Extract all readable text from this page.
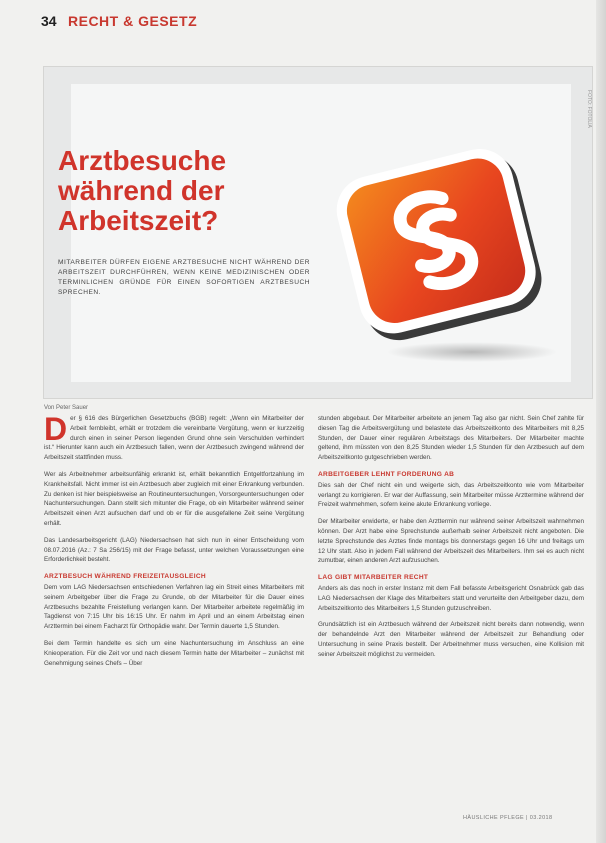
34 RECHT & GESETZ
FOTO: FOTOLIA
Arztbesuche während der Arbeitszeit?
MITARBEITER DÜRFEN EIGENE ARZTBESUCHE NICHT WÄHREND DER ARBEITSZEIT DURCHFÜHREN, WENN KEINE MEDIZINISCHEN ODER TERMINLICHEN GRÜNDE FÜR EINEN SOFORTIGEN ARZTBESUCH SPRECHEN.
Von Peter Sauer

Der § 616 des Bürgerlichen Gesetzbuchs (BGB) regelt: „Wenn ein Mitarbeiter der Arbeit fernbleibt, erhält er trotzdem die vereinbarte Vergütung, wenn er kurzzeitig durch einen in seiner Person liegenden Grund ohne sein Verschulden verhindert ist.“ Hierunter kann auch ein Arztbesuch fallen, wenn der Arztbesuch zwingend während der Arbeitszeit stattfinden muss.

Wer als Arbeitnehmer arbeitsunfähig erkrankt ist, erhält bekanntlich Entgeltfortzahlung im Krankheitsfall. Nicht immer ist ein Arztbesuch aber zugleich mit einer Erkrankung verbunden. Zu denken ist hier beispielsweise an Routineuntersuchungen, Vorsorgeuntersuchungen oder Nachuntersuchungen. Dann stellt sich mitunter die Frage, ob ein Mitarbeiter während seiner Arbeitszeit einen Arzt aufsuchen darf und ob er für die ausgefallene Zeit seine Vergütung erhält.

Das Landesarbeitsgericht (LAG) Niedersachsen hat sich nun in einer Entscheidung vom 08.07.2016 (Az.: 7 Sa 256/15) mit der Frage befasst, unter welchen Voraussetzungen eine Erforderlichkeit besteht.

ARZTBESUCH WÄHREND FREIZEITAUSGLEICH

Dem vom LAG Niedersachsen entschiedenen Verfahren lag ein Streit eines Mitarbeiters mit seinem Arbeitgeber über die Frage zu Grunde, ob der Mitarbeiter für die Dauer eines Arztbesuchs bezahlte Freistellung verlangen kann. Der Mitarbeiter arbeitete regelmäßig im Tagdienst von 7:15 Uhr bis 16:15 Uhr. Er nahm im April und an einem Arbeitstag einen Arzttermin bei einem Facharzt für Orthopädie wahr. Der Termin dauerte 1,5 Stunden.

Bei dem Termin handelte es sich um eine Nachuntersuchung im Anschluss an eine Knieoperation. Für die Zeit vor und nach diesem Termin hatte der Mitarbeiter – zunächst mit Genehmigung seines Chefs – Über

stunden abgebaut. Der Mitarbeiter arbeitete an jenem Tag also gar nicht. Sein Chef zahlte für diesen Tag die Arbeitsvergütung und belastete das Arbeitszeitkonto des Mitarbeiters mit 8,25 Stunden, der Dauer einer regulären Arbeitstags des Mitarbeiters. Der Mitarbeiter machte geltend, ihm müssten von den 8,25 Stunden wieder 1,5 Stunden für den Arztbesuch auf dem Arbeitszeitkonto gutgeschrieben werden.

ARBEITGEBER LEHNT FORDERUNG AB

Dies sah der Chef nicht ein und weigerte sich, das Arbeitszeitkonto wie vom Mitarbeiter verlangt zu korrigieren. Er war der Auffassung, sein Mitarbeiter müsse Arzttermine während der Freizeit wahrnehmen, sofern keine akute Erkrankung vorliege.

Der Mitarbeiter erwiderte, er habe den Arzttermin nur während seiner Arbeitszeit wahrnehmen können. Der Arzt habe eine Sprechstunde außerhalb seiner Arbeitszeit nicht angeboten. Die letzte Sprechstunde des Arztes finde montags bis donnerstags gegen 16 Uhr und freitags um 12 Uhr statt. Also in jedem Fall während der Arbeitszeit des Mitarbeiters. Ihm sei es auch nicht zumutbar, einen anderen Arzt aufzusuchen.

LAG GIBT MITARBEITER RECHT

Anders als das noch in erster Instanz mit dem Fall befasste Arbeitsgericht Osnabrück gab das LAG Niedersachsen der Klage des Mitarbeiters statt und verurteilte den Arbeitgeber dazu, dem Arbeitszeitkonto des Mitarbeiters 1,5 Stunden gutzuschreiben.

Grundsätzlich ist ein Arztbesuch während der Arbeitszeit nicht bereits dann notwendig, wenn der behandelnde Arzt den Mitarbeiter während der Arbeitszeit zur Behandlung oder Untersuchung in seine Praxis bestellt. Der Arbeitnehmer muss versuchen, eine Kollision mit seiner Arbeitszeit möglichst zu vermeiden.

HÄUSLICHE PFLEGE | 03.2018
